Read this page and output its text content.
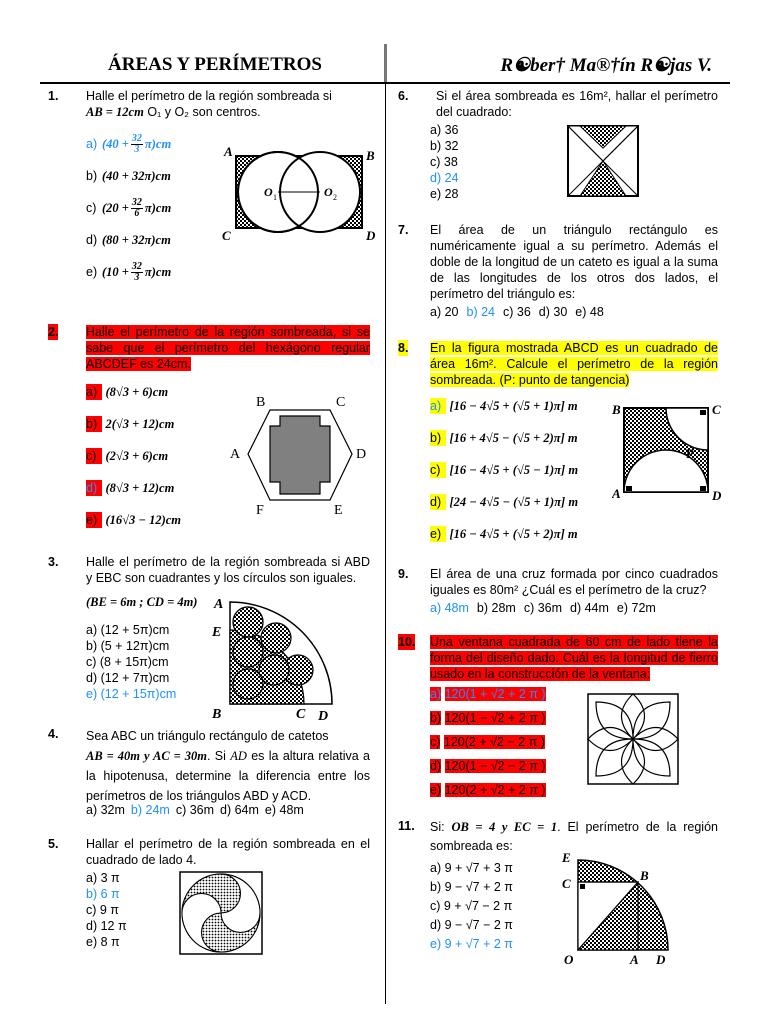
ÁREAS Y PERÍMETROS	R☯ber† Ma®†ín R☯jas V.
1. Halle el perímetro de la región sombreada si
AB = 12cm O₁ y O₂ son centros.
a) $(40 + \frac{32}{3} \pi)cm$
b) (40 + 32π)cm
c) $(20 + \frac{32}{6} \pi)cm$
d) (80 + 32π)cm
e) $(10 + \frac{32}{3} \pi)cm$
A	B
C	D
O 1	O 2
2. Halle el perímetro de la región sombreada, si se sabe que el perímetro del hexágono regular ABCDEF es 24cm.
a)
(8√3 + 6)cm
b)
2(√3 + 12)cm
c)
(2√3 + 6)cm
d)
(8√3 + 12)cm
e)
(16√3 − 12)cm
B	C
A	D
F	E
3. Halle el perímetro de la región sombreada si ABD y EBC son cuadrantes y los círculos son iguales.
(BE = 6m ; CD = 4m)
a) (12 + 5π)cm
b) (5 + 12π)cm
c) (8 + 15π)cm
d) (12 + 7π)cm
e) (12 + 15π)cm
A
E
B	C D
4. Sea ABC un triángulo rectángulo de catetos
AB = 40m y AC = 30m. Si AD es la altura relativa a la hipotenusa, determine la diferencia entre los perímetros de los triángulos ABD y ACD.
a) 32m b) 24m c) 36m d) 64m e) 48m
5. Hallar el perímetro de la región sombreada en el cuadrado de lado 4.
a) 3 π
b) 6 π
c) 9 π
d) 12 π
e) 8 π
6. Si el área sombreada es 16m², hallar el perímetro del cuadrado:
a) 36
b) 32
c) 38
d) 24
e) 28
7. El área de un triángulo rectángulo es numéricamente igual a su perímetro. Además el doble de la longitud de un cateto es igual a la suma de las longitudes de los otros dos lados, el perímetro del triángulo es:
a) 20 b) 24 c) 36 d) 30 e) 48
8. En la figura mostrada ABCD es un cuadrado de área 16m². Calcule el perímetro de la región sombreada. (P: punto de tangencia)
a)
[16 − 4√5 + (√5 + 1)π] m
b)
[16 + 4√5 − (√5 + 2)π] m
c)
[16 − 4√5 + (√5 − 1)π] m
d)
[24 − 4√5 − (√5 + 1)π] m
e)
[16 − 4√5 + (√5 + 2)π] m
B	C
A	D
P
9. El área de una cruz formada por cinco cuadrados iguales es 80m² ¿Cuál es el perímetro de la cruz?
a) 48m b) 28m c) 36m d) 44m e) 72m
10. Una ventana cuadrada de 60 cm de lado tiene la forma del diseño dado. Cuál es la longitud de fierro usado en la construcción de la ventana:
a) 120(1 + √2 + 2 π )
b) 120(1 − √2 + 2 π )
c) 120(2 + √2 − 2 π )
d) 120(1 − √2 − 2 π )
e) 120(2 + √2 + 2 π )
11. Si: OB = 4 y EC = 1. El perímetro de la región sombreada es:
a) 9 + √7 + 3 π
b) 9 − √7 + 2 π
c) 9 + √7 − 2 π
d) 9 − √7 − 2 π
e) 9 + √7 + 2 π
E
C
B
O	A D
